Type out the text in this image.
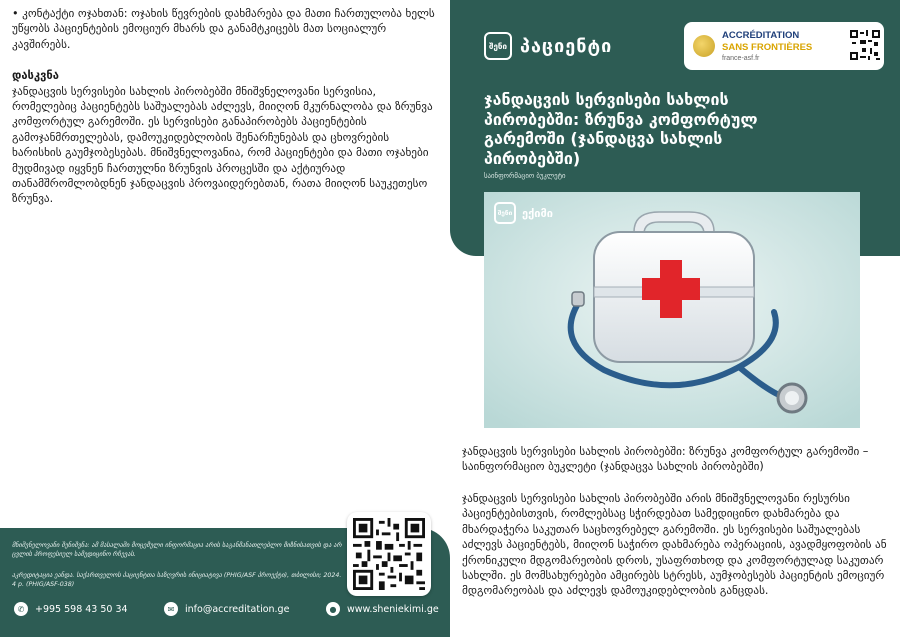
• კონტაქტი ოჯახთან: ოჯახის წევრების დახმარება და მათი ჩართულობა ხელს უწყობს პაციენტების ემოციურ მხარს და განამტკიცებს მათ სოციალურ კავშირებს.

დასკვნა

ჯანდაცვის სერვისები სახლის პირობებში მნიშვნელოვანი სერვისია, რომელებიც პაციენტებს საშუალებას აძლევს, მიიღონ მკურნალობა და ზრუნვა კომფორტულ გარემოში. ეს სერვისები განაპირობებს პაციენტების გამოჯანმრთელებას, დამოუკიდებლობის შენარჩუნებას და ცხოვრების ხარისხის გაუმჯობესებას. მნიშვნელოვანია, რომ პაციენტები და მათი ოჯახები მუდმივად იყვნენ ჩართულნი ზრუნვის პროცესში და აქტიურად თანამშრომლობდნენ ჯანდაცვის პროვაიდერებთან, რათა მიიღონ საუკეთესო ზრუნვა.

მნიშვნელოვანი შენიშვნა: ამ მასალაში მოცემული ინფორმაცია არის საგანმანათლებლო მიზნისათვის და არ ცვლის პროფესიულ სამედიცინო რჩევას.

აკრედიტაცია ეანდა. საქართველოს პაციენტთა საზღვრის ინიციატივა (PHIG/ASF პროექტი), თბილისი; 2024. 4 p. (PHIG/ASF-038)

✆	+995 598 43 50 34	✉	info@accreditation.ge	●	www.sheniekimi.ge
შენი პაციენტი	ACCRÉDITATION
SANS FRONTIÈRES
france-asf.fr
ჯანდაცვის სერვისები სახლის პირობებში: ზრუნვა კომფორტულ გარემოში (ჯანდაცვა სახლის პირობებში)
საინფორმაციო ბუკლეტი
შენი ექიმი

ჯანდაცვის სერვისები სახლის პირობებში: ზრუნვა კომფორტულ გარემოში – საინფორმაციო ბუკლეტი (ჯანდაცვა სახლის პირობებში)

ჯანდაცვის სერვისები სახლის პირობებში არის მნიშვნელოვანი რესურსი პაციენტებისთვის, რომლებსაც სჭირდებათ სამედიცინო დახმარება და მხარდაჭერა საკუთარ საცხოვრებელ გარემოში. ეს სერვისები საშუალებას აძლევს პაციენტებს, მიიღონ საჭირო დახმარება ოპერაციის, ავადმყოფობის ან ქრონიკული მდგომარეობის დროს, უსაფრთხოდ და კომფორტულად საკუთარ სახლში. ეს მომსახურებები ამცირებს სტრესს, აუმჯობესებს პაციენტის ემოციურ მდგომარეობას და აძლევს დამოუკიდებლობის განცდას.
